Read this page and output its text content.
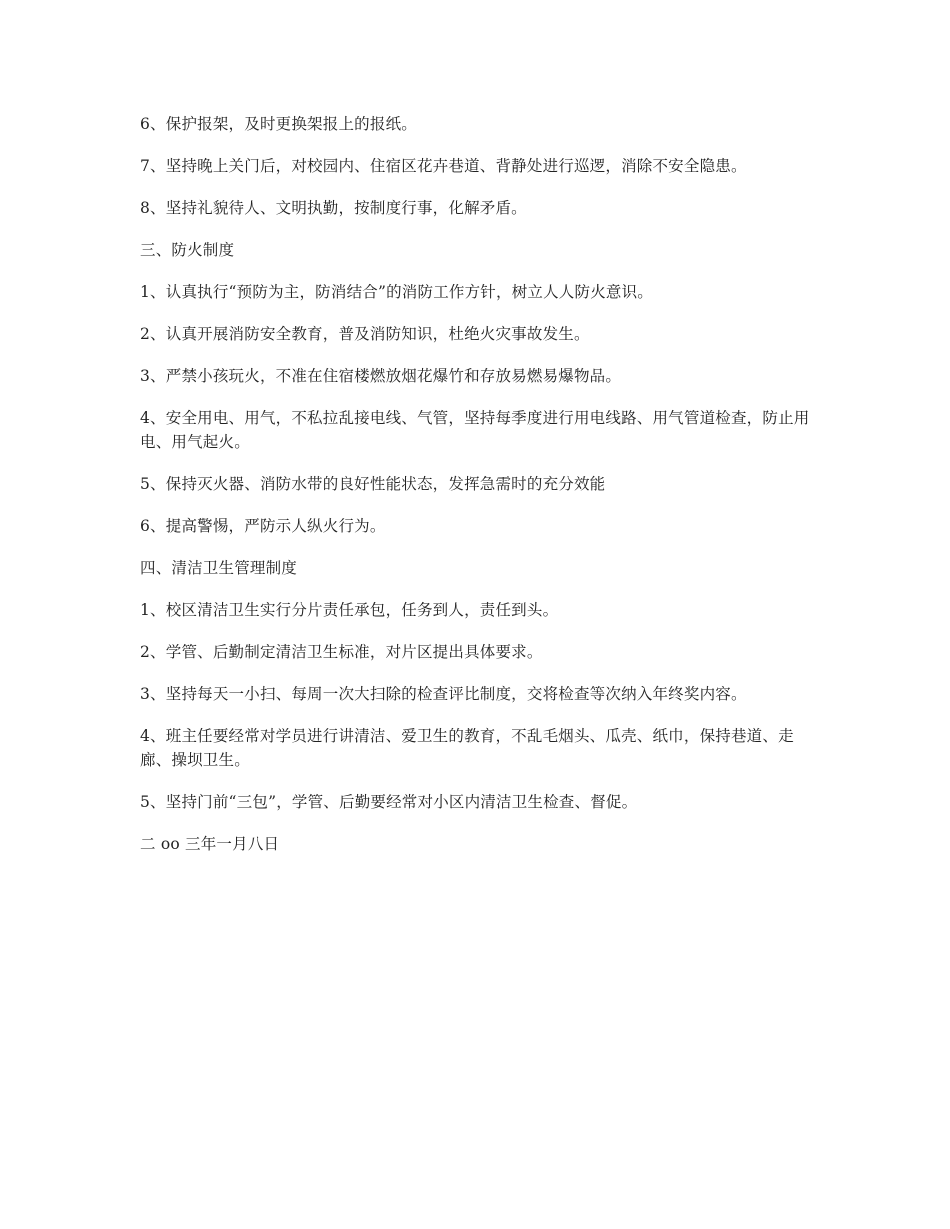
6、保护报架，及时更换架报上的报纸。

7、坚持晚上关门后，对校园内、住宿区花卉巷道、背静处进行巡逻，消除不安全隐患。

8、坚持礼貌待人、文明执勤，按制度行事，化解矛盾。

三、防火制度

1、认真执行“预防为主，防消结合”的消防工作方针，树立人人防火意识。

2、认真开展消防安全教育，普及消防知识，杜绝火灾事故发生。

3、严禁小孩玩火，不准在住宿楼燃放烟花爆竹和存放易燃易爆物品。

4、安全用电、用气，不私拉乱接电线、气管，坚持每季度进行用电线路、用气管道检查，防止用电、用气起火。

5、保持灭火器、消防水带的良好性能状态，发挥急需时的充分效能

6、提高警惕，严防示人纵火行为。

四、清洁卫生管理制度

1、校区清洁卫生实行分片责任承包，任务到人，责任到头。

2、学管、后勤制定清洁卫生标准，对片区提出具体要求。

3、坚持每天一小扫、每周一次大扫除的检查评比制度，交将检查等次纳入年终奖内容。

4、班主任要经常对学员进行讲清洁、爱卫生的教育，不乱毛烟头、瓜壳、纸巾，保持巷道、走廊、操坝卫生。

5、坚持门前“三包”，学管、后勤要经常对小区内清洁卫生检查、督促。

二 oo 三年一月八日
